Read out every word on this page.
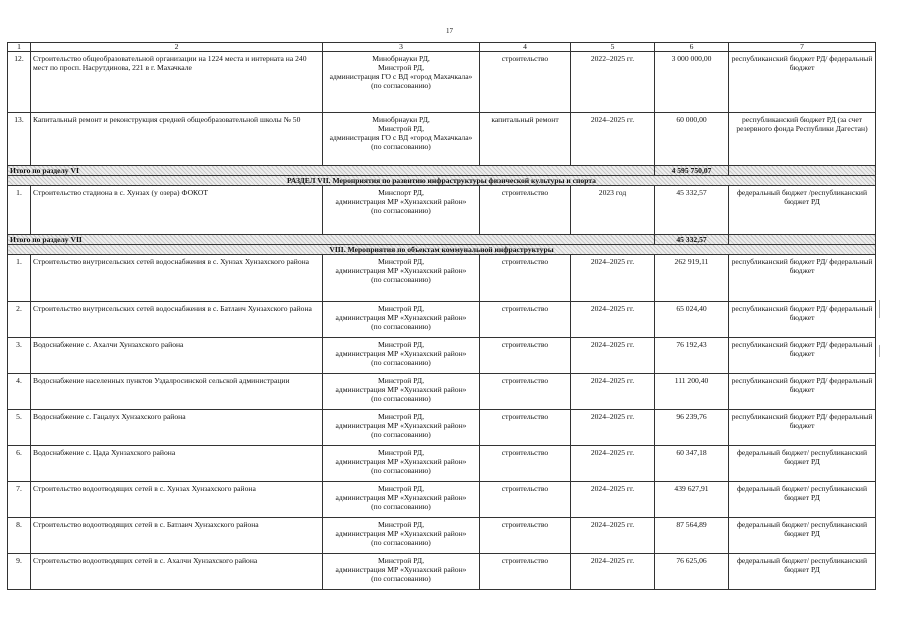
17
1	2	3	4	5	6	7
12.	Строительство общеобразовательной организации на 1224 места и интерната на 240 мест по просп. Насрутдинова, 221 в г. Махачкале	Минобрнауки РД,
Минстрой РД,
администрация ГО с ВД «город Махачкала»
(по согласованию)	строительство	2022–2025 гг.	3 000 000,00	республиканский бюджет РД/ федеральный бюджет
13.	Капитальный ремонт и реконструкция средней общеобразовательной школы № 50	Минобрнауки РД,
Минстрой РД,
администрация ГО с ВД «город Махачкала»
(по согласованию)	капитальный ремонт	2024–2025 гг.	60 000,00	республиканский бюджет РД (за счет резервного фонда Республики Дагестан)
Итого по разделу VI					4 595 750,07	
РАЗДЕЛ VII. Мероприятия по развитию инфраструктуры физической культуры и спорта						
1.	Строительство стадиона в с. Хунзах (у озера) ФОКОТ	Минспорт РД,
администрация МР «Хунзахский район»
(по согласованию)	строительство	2023 год	45 332,57	федеральный бюджет /республиканский бюджет РД
Итого по разделу VII					45 332,57	
VIII. Мероприятия по объектам коммунальной инфраструктуры						
1.	Строительство внутрисельских сетей водоснабжения в с. Хунзах Хунзахского района	Минстрой РД,
администрация МР «Хунзахский район»
(по согласованию)	строительство	2024–2025 гг.	262 919,11	республиканский бюджет РД/ федеральный бюджет
2.	Строительство внутрисельских сетей водоснабжения в с. Батлаич Хунзахского района	Минстрой РД,
администрация МР «Хунзахский район»
(по согласованию)	строительство	2024–2025 гг.	65 024,40	республиканский бюджет РД/ федеральный бюджет
3.	Водоснабжение с. Ахалчи Хунзахского района	Минстрой РД,
администрация МР «Хунзахский район»
(по согласованию)	строительство	2024–2025 гг.	76 192,43	республиканский бюджет РД/ федеральный бюджет
4.	Водоснабжение населенных пунктов Уздалросинской сельской администрации	Минстрой РД,
администрация МР «Хунзахский район»
(по согласованию)	строительство	2024–2025 гг.	111 200,40	республиканский бюджет РД/ федеральный бюджет
5.	Водоснабжение с. Гацалух Хунзахского района	Минстрой РД,
администрация МР «Хунзахский район»
(по согласованию)	строительство	2024–2025 гг.	96 239,76	республиканский бюджет РД/ федеральный бюджет
6.	Водоснабжение с. Цада Хунзахского района	Минстрой РД,
администрация МР «Хунзахский район»
(по согласованию)	строительство	2024–2025 гг.	60 347,18	федеральный бюджет/ республиканский бюджет РД
7.	Строительство водоотводящих сетей в с. Хунзах Хунзахского района	Минстрой РД,
администрация МР «Хунзахский район»
(по согласованию)	строительство	2024–2025 гг.	439 627,91	федеральный бюджет/ республиканский бюджет РД
8.	Строительство водоотводящих сетей в с. Батлаич Хунзахского района	Минстрой РД,
администрация МР «Хунзахский район»
(по согласованию)	строительство	2024–2025 гг.	87 564,89	федеральный бюджет/ республиканский бюджет РД
9.	Строительство водоотводящих сетей в с. Ахалчи Хунзахского района	Минстрой РД,
администрация МР «Хунзахский район»
(по согласованию)	строительство	2024–2025 гг.	76 625,06	федеральный бюджет/ республиканский бюджет РД
